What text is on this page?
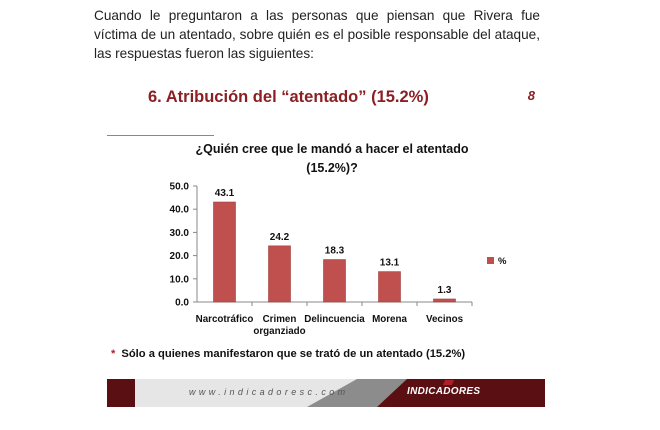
Cuando le preguntaron a las personas que piensan que Rivera fue víctima de un atentado, sobre quién es el posible responsable del ataque, las respuestas fueron las siguientes:

6. Atribución del “atentado” (15.2%)	8
¿Quién cree que le mandó a hacer el atentado
(15.2%)?
0.0
10.0
20.0
30.0
40.0
50.0
43.1
Narcotráfico
24.2
Crimen
organziado
18.3
Delincuencia
13.1
Morena
1.3
Vecinos
%
* Sólo a quienes manifestaron que se trató de un atentado (15.2%)
www.indicadoresc.com	INDICADORES
